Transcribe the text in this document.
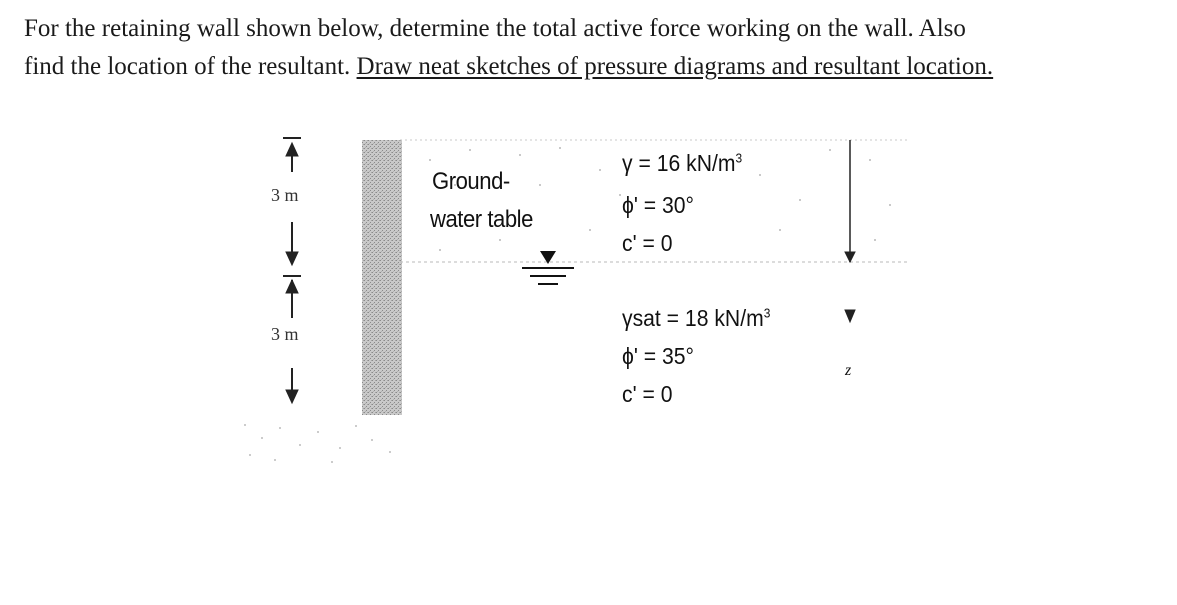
For the retaining wall shown below, determine the total active force working on the wall. Also
find the location of the resultant. Draw neat sketches of pressure diagrams and resultant location.
3 m
3 m
Ground-
water table
γ = 16 $kN/m^3$
ϕ' = 30°
c' = 0
γsat = 18 $kN/m^3$
ϕ' = 35°
c' = 0
z
